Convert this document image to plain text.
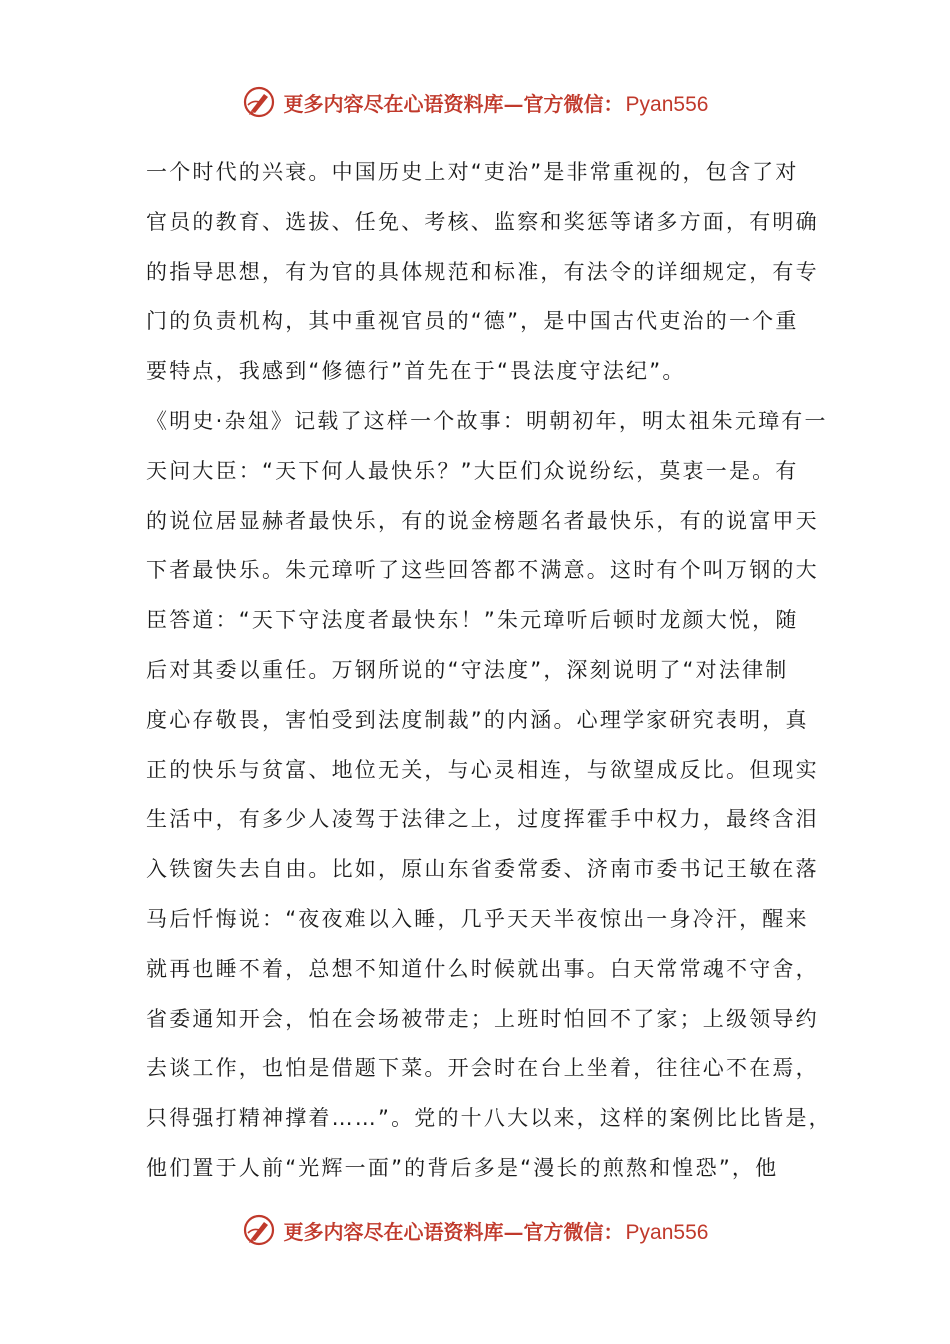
更多内容尽在心语资料库—官方微信： Pyan556
一个时代的兴衰。中国历史上对“吏治”是非常重视的，包含了对
官员的教育、选拔、任免、考核、监察和奖惩等诸多方面，有明确
的指导思想，有为官的具体规范和标准，有法令的详细规定，有专
门的负责机构，其中重视官员的“德”，是中国古代吏治的一个重
要特点，我感到“修德行”首先在于“畏法度守法纪”。
《明史·杂俎》记载了这样一个故事：明朝初年，明太祖朱元璋有一
天问大臣：“天下何人最快乐？”大臣们众说纷纭，莫衷一是。有
的说位居显赫者最快乐，有的说金榜题名者最快乐，有的说富甲天
下者最快乐。朱元璋听了这些回答都不满意。这时有个叫万钢的大
臣答道：“天下守法度者最快东！”朱元璋听后顿时龙颜大悦，随
后对其委以重任。万钢所说的“守法度”，深刻说明了“对法律制
度心存敬畏，害怕受到法度制裁”的内涵。心理学家研究表明，真
正的快乐与贫富、地位无关，与心灵相连，与欲望成反比。但现实
生活中，有多少人凌驾于法律之上，过度挥霍手中权力，最终含泪
入铁窗失去自由。比如，原山东省委常委、济南市委书记王敏在落
马后忏悔说：“夜夜难以入睡，几乎天天半夜惊出一身冷汗，醒来
就再也睡不着，总想不知道什么时候就出事。白天常常魂不守舍，
省委通知开会，怕在会场被带走；上班时怕回不了家；上级领导约
去谈工作，也怕是借题下菜。开会时在台上坐着，往往心不在焉，
只得强打精神撑着……”。党的十八大以来，这样的案例比比皆是，
他们置于人前“光辉一面”的背后多是“漫长的煎熬和惶恐”，他
更多内容尽在心语资料库—官方微信： Pyan556
